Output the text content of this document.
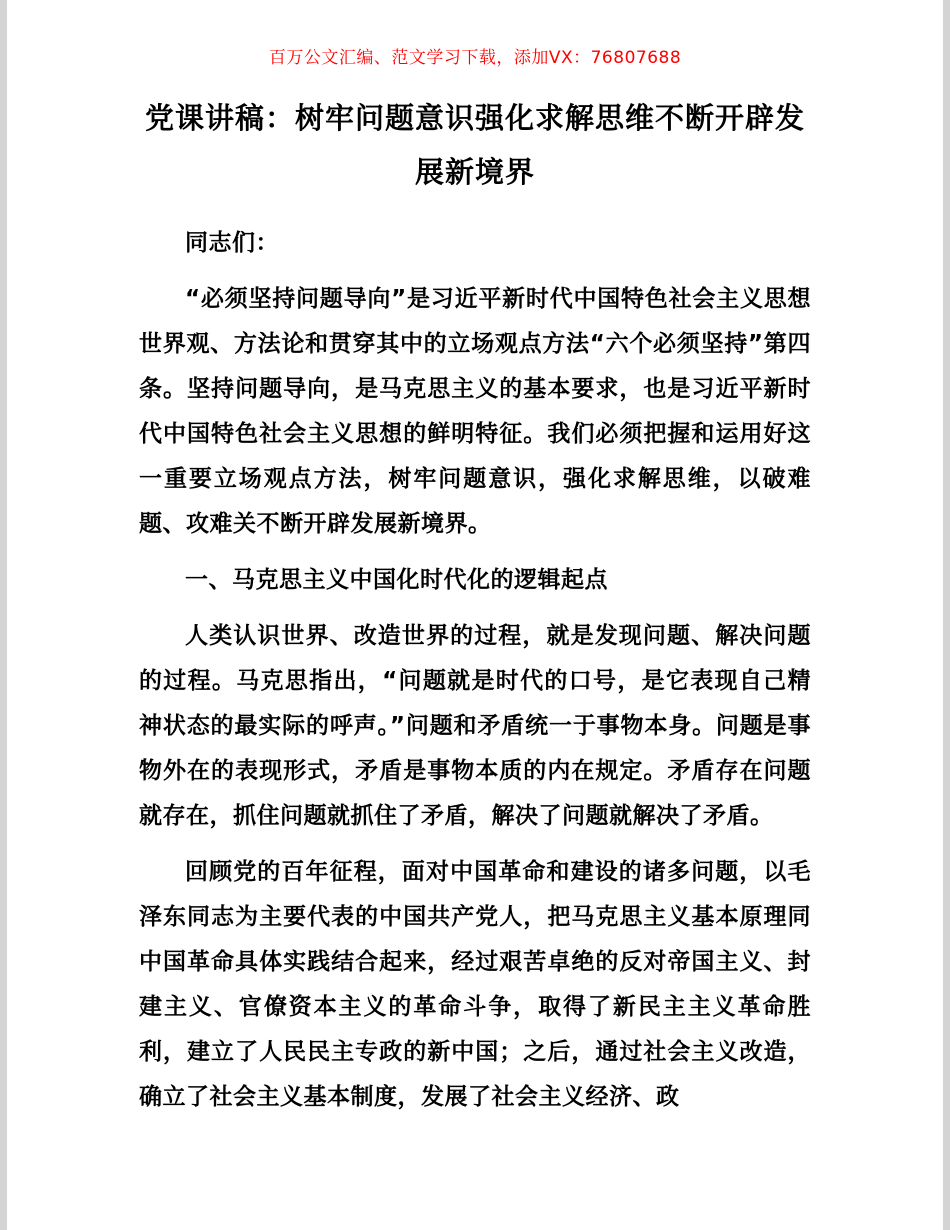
百万公文汇编、范文学习下载，添加VX：76807688
党课讲稿：树牢问题意识强化求解思维不断开辟发展新境界

同志们：

“必须坚持问题导向”是习近平新时代中国特色社会主义思想世界观、方法论和贯穿其中的立场观点方法“六个必须坚持”第四条。坚持问题导向，是马克思主义的基本要求，也是习近平新时代中国特色社会主义思想的鲜明特征。我们必须把握和运用好这一重要立场观点方法，树牢问题意识，强化求解思维，以破难题、攻难关不断开辟发展新境界。

一、马克思主义中国化时代化的逻辑起点

人类认识世界、改造世界的过程，就是发现问题、解决问题的过程。马克思指出，“问题就是时代的口号，是它表现自己精神状态的最实际的呼声。”问题和矛盾统一于事物本身。问题是事物外在的表现形式，矛盾是事物本质的内在规定。矛盾存在问题就存在，抓住问题就抓住了矛盾，解决了问题就解决了矛盾。

回顾党的百年征程，面对中国革命和建设的诸多问题，以毛泽东同志为主要代表的中国共产党人，把马克思主义基本原理同中国革命具体实践结合起来，经过艰苦卓绝的反对帝国主义、封建主义、官僚资本主义的革命斗争，取得了新民主主义革命胜利，建立了人民民主专政的新中国；之后，通过社会主义改造，确立了社会主义基本制度，发展了社会主义经济、政
